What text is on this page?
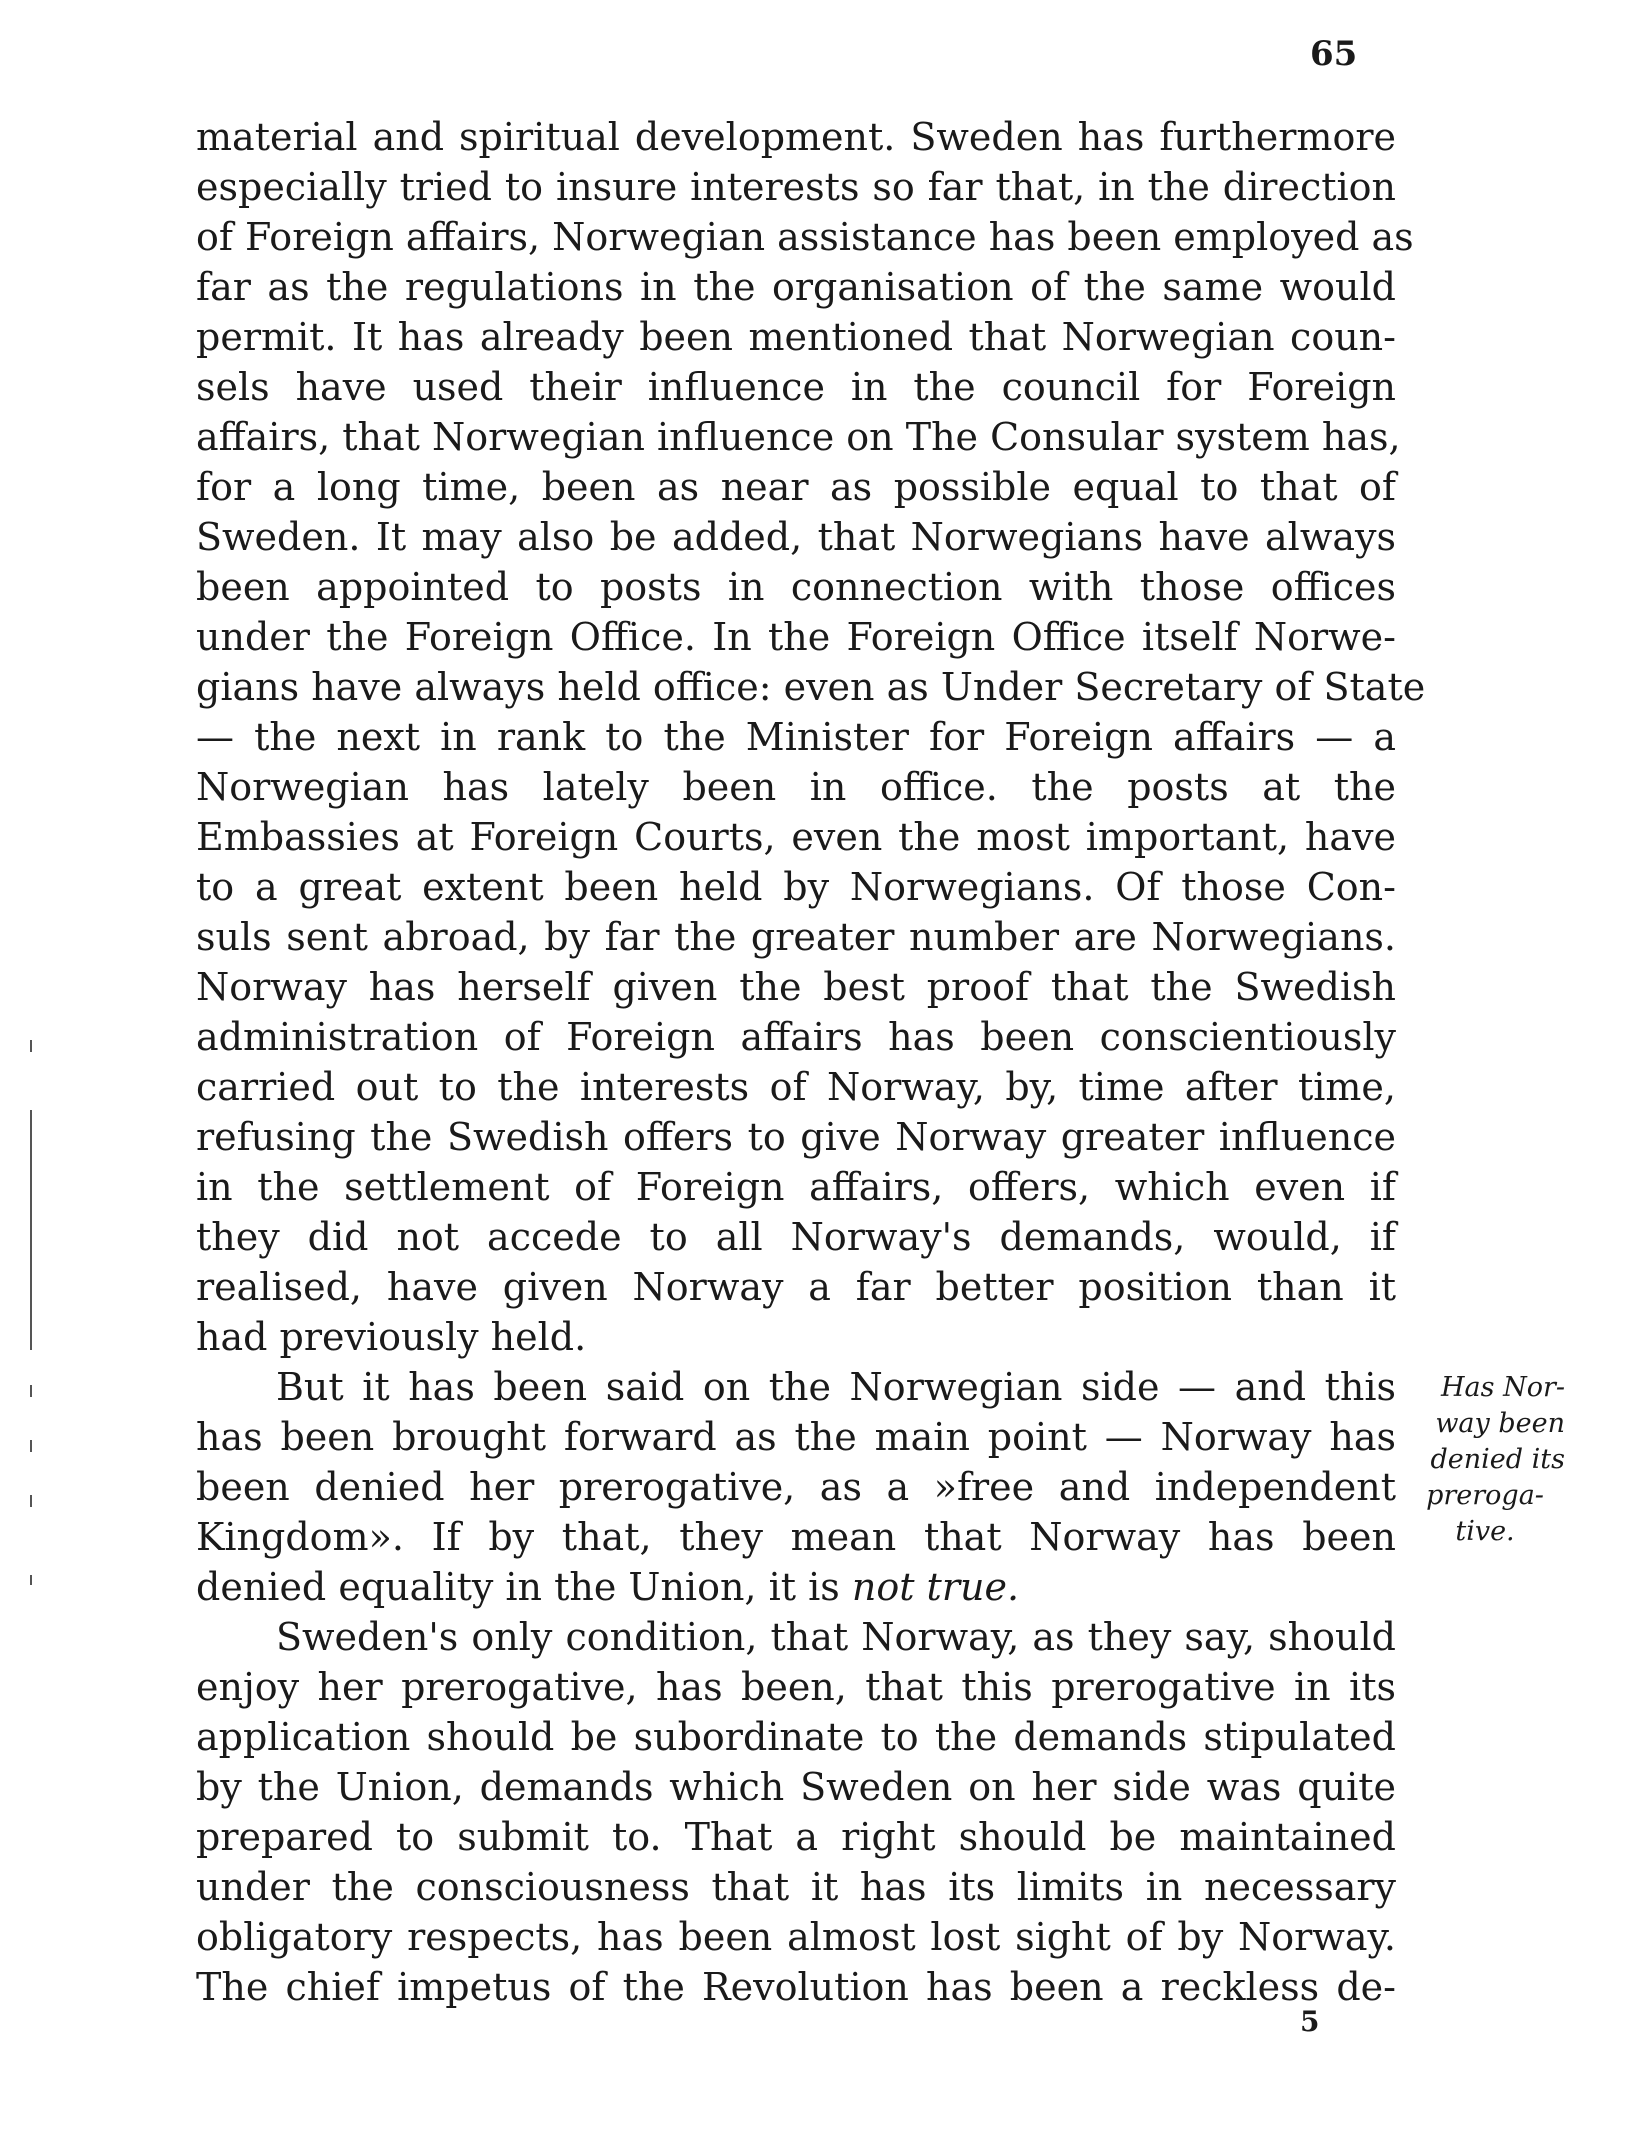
65
material and spiritual development. Sweden has furthermore
especially tried to insure interests so far that, in the direction
of Foreign affairs, Norwegian assistance has been employed as
far as the regulations in the organisation of the same would
permit. It has already been mentioned that Norwegian coun-
sels have used their influence in the council for Foreign
affairs, that Norwegian influence on The Consular system has,
for a long time, been as near as possible equal to that of
Sweden. It may also be added, that Norwegians have always
been appointed to posts in connection with those offices
under the Foreign Office. In the Foreign Office itself Norwe-
gians have always held office: even as Under Secretary of State
— the next in rank to the Minister for Foreign affairs — a
Norwegian has lately been in office. the posts at the
Embassies at Foreign Courts, even the most important, have
to a great extent been held by Norwegians. Of those Con-
suls sent abroad, by far the greater number are Norwegians.
Norway has herself given the best proof that the Swedish
administration of Foreign affairs has been conscientiously
carried out to the interests of Norway, by, time after time,
refusing the Swedish offers to give Norway greater influence
in the settlement of Foreign affairs, offers, which even if
they did not accede to all Norway's demands, would, if
realised, have given Norway a far better position than it
had previously held.
But it has been said on the Norwegian side — and this
has been brought forward as the main point — Norway has
been denied her prerogative, as a »free and independent
Kingdom». If by that, they mean that Norway has been
denied equality in the Union, it is not true.
Sweden's only condition, that Norway, as they say, should
enjoy her prerogative, has been, that this prerogative in its
application should be subordinate to the demands stipulated
by the Union, demands which Sweden on her side was quite
prepared to submit to. That a right should be maintained
under the consciousness that it has its limits in necessary
obligatory respects, has been almost lost sight of by Norway.
The chief impetus of the Revolution has been a reckless de-
Has Nor-
way been
denied its
preroga-
tive.
5
